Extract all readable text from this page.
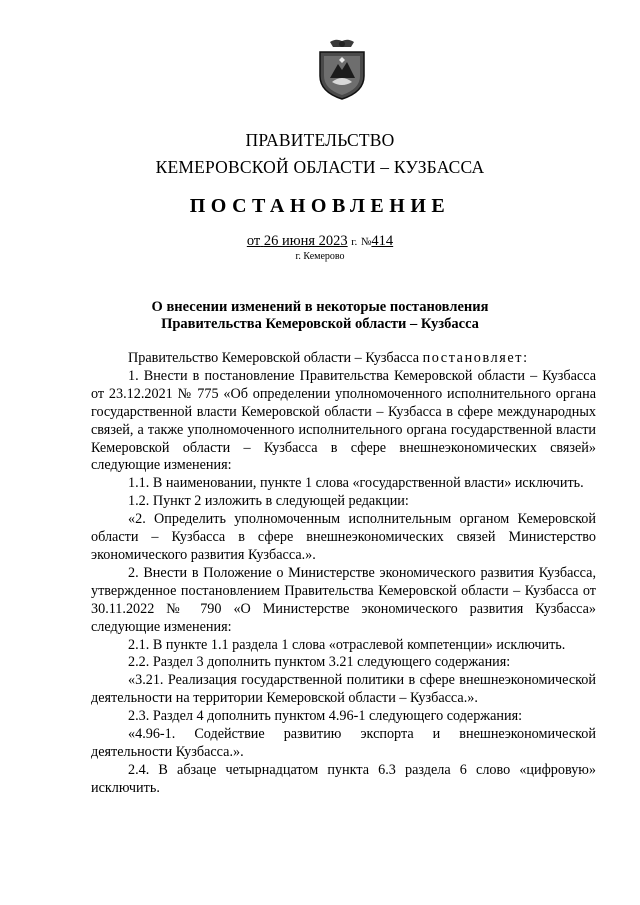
ПРАВИТЕЛЬСТВО
КЕМЕРОВСКОЙ ОБЛАСТИ – КУЗБАССА
ПОСТАНОВЛЕНИЕ
от 26 июня 2023 г. №414
г. Кемерово
О внесении изменений в некоторые постановления
Правительства Кемеровской области – Кузбасса

Правительство Кемеровской области – Кузбасса постановляет:

1. Внести в постановление Правительства Кемеровской области – Кузбасса от 23.12.2021 № 775 «Об определении уполномоченного исполнительного органа государственной власти Кемеровской области – Кузбасса в сфере международных связей, а также уполномоченного исполнительного органа государственной власти Кемеровской области – Кузбасса в сфере внешнеэкономических связей» следующие изменения:

1.1. В наименовании, пункте 1 слова «государственной власти» исключить.

1.2. Пункт 2 изложить в следующей редакции:

«2. Определить уполномоченным исполнительным органом Кемеровской области – Кузбасса в сфере внешнеэкономических связей Министерство экономического развития Кузбасса.».

2. Внести в Положение о Министерстве экономического развития Кузбасса, утвержденное постановлением Правительства Кемеровской области – Кузбасса от 30.11.2022 № 790 «О Министерстве экономического развития Кузбасса» следующие изменения:

2.1. В пункте 1.1 раздела 1 слова «отраслевой компетенции» исключить.

2.2. Раздел 3 дополнить пунктом 3.21 следующего содержания:

«3.21. Реализация государственной политики в сфере внешнеэкономической деятельности на территории Кемеровской области – Кузбасса.».

2.3. Раздел 4 дополнить пунктом 4.96-1 следующего содержания:

«4.96-1. Содействие развитию экспорта и внешнеэкономической деятельности Кузбасса.».

2.4. В абзаце четырнадцатом пункта 6.3 раздела 6 слово «цифровую» исключить.
